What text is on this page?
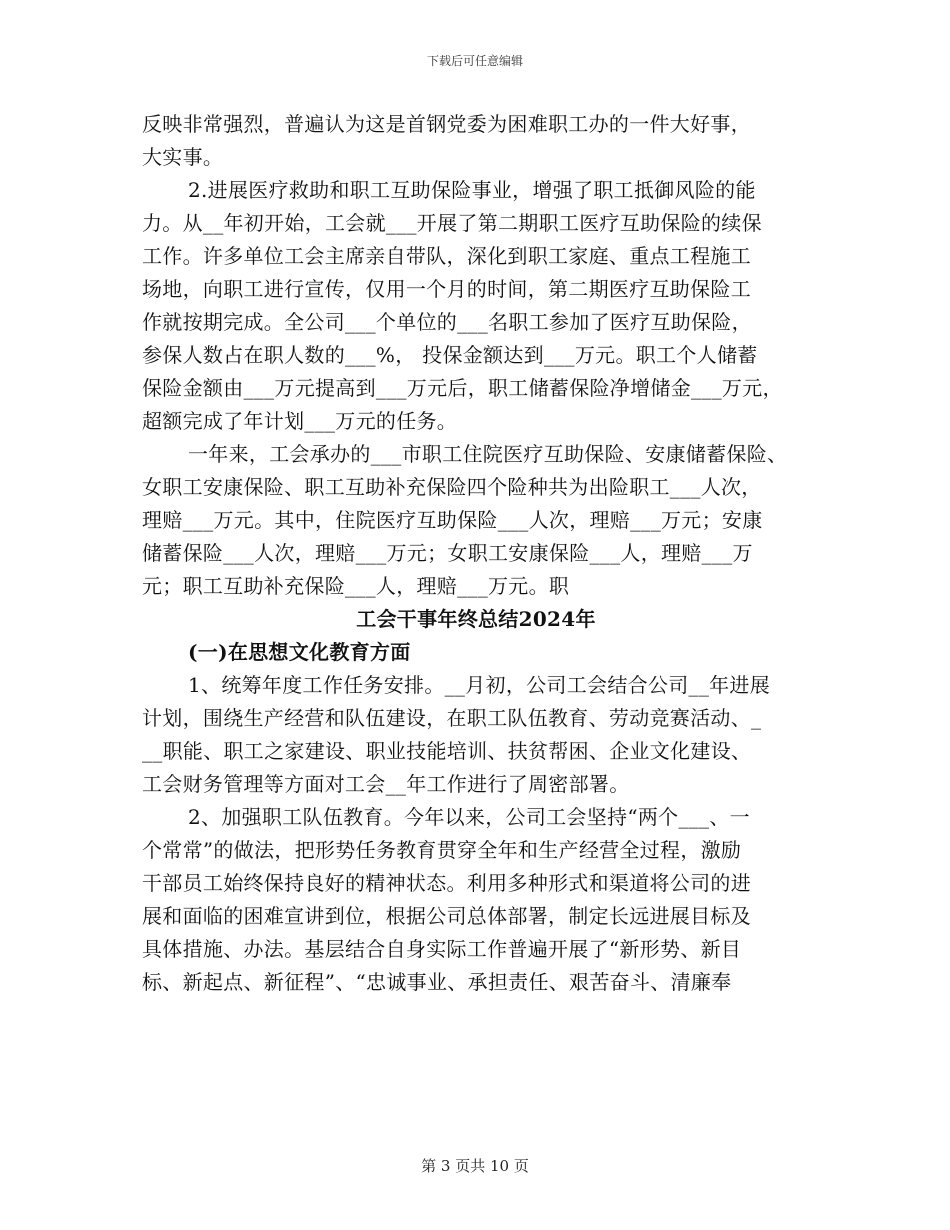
下载后可任意编辑
反映非常强烈，普遍认为这是首钢党委为困难职工办的一件大好事，
大实事。
2.进展医疗救助和职工互助保险事业，增强了职工抵御风险的能
力。从__年初开始，工会就___开展了第二期职工医疗互助保险的续保
工作。许多单位工会主席亲自带队，深化到职工家庭、重点工程施工
场地，向职工进行宣传，仅用一个月的时间，第二期医疗互助保险工
作就按期完成。全公司___个单位的___名职工参加了医疗互助保险，
参保人数占在职人数的___%， 投保金额达到___万元。职工个人储蓄
保险金额由___万元提高到___万元后，职工储蓄保险净增储金___万元，
超额完成了年计划___万元的任务。
一年来，工会承办的___市职工住院医疗互助保险、安康储蓄保险、
女职工安康保险、职工互助补充保险四个险种共为出险职工___人次，
理赔___万元。其中，住院医疗互助保险___人次，理赔___万元；安康
储蓄保险___人次，理赔___万元；女职工安康保险___人，理赔___万
元；职工互助补充保险___人，理赔___万元。职
工会干事年终总结2024年
(一)在思想文化教育方面
1、统筹年度工作任务安排。__月初，公司工会结合公司__年进展
计划，围绕生产经营和队伍建设，在职工队伍教育、劳动竞赛活动、_
__职能、职工之家建设、职业技能培训、扶贫帮困、企业文化建设、
工会财务管理等方面对工会__年工作进行了周密部署。
2、加强职工队伍教育。今年以来，公司工会坚持“两个___、一
个常常”的做法，把形势任务教育贯穿全年和生产经营全过程，激励
干部员工始终保持良好的精神状态。利用多种形式和渠道将公司的进
展和面临的困难宣讲到位，根据公司总体部署，制定长远进展目标及
具体措施、办法。基层结合自身实际工作普遍开展了“新形势、新目
标、新起点、新征程”、“忠诚事业、承担责任、艰苦奋斗、清廉奉
第 3 页共 10 页
